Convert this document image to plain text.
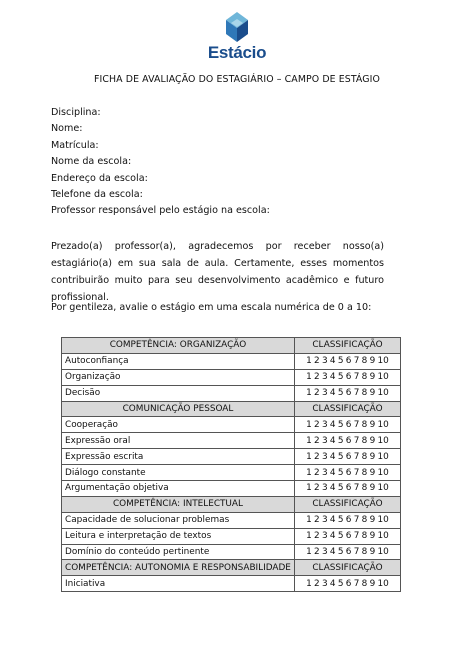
Estácio
FICHA DE AVALIAÇÃO DO ESTAGIÁRIO – CAMPO DE ESTÁGIO
Disciplina:
Nome:
Matrícula:
Nome da escola:
Endereço da escola:
Telefone da escola:
Professor responsável pelo estágio na escola:
Prezado(a) professor(a), agradecemos por receber nosso(a) estagiário(a) em sua sala de aula. Certamente, esses momentos contribuirão muito para seu desenvolvimento acadêmico e futuro profissional.
Por gentileza, avalie o estágio em uma escala numérica de 0 a 10:
COMPETÊNCIA: ORGANIZAÇÃO	CLASSIFICAÇÃO
Autoconfiança	1 2 3 4 5 6 7 8 9 10
Organização	1 2 3 4 5 6 7 8 9 10
Decisão	1 2 3 4 5 6 7 8 9 10
COMUNICAÇÃO PESSOAL	CLASSIFICAÇÃO
Cooperação	1 2 3 4 5 6 7 8 9 10
Expressão oral	1 2 3 4 5 6 7 8 9 10
Expressão escrita	1 2 3 4 5 6 7 8 9 10
Diálogo constante	1 2 3 4 5 6 7 8 9 10
Argumentação objetiva	1 2 3 4 5 6 7 8 9 10
COMPETÊNCIA: INTELECTUAL	CLASSIFICAÇÃO
Capacidade de solucionar problemas	1 2 3 4 5 6 7 8 9 10
Leitura e interpretação de textos	1 2 3 4 5 6 7 8 9 10
Domínio do conteúdo pertinente	1 2 3 4 5 6 7 8 9 10
COMPETÊNCIA: AUTONOMIA E RESPONSABILIDADE	CLASSIFICAÇÃO
Iniciativa	1 2 3 4 5 6 7 8 9 10
